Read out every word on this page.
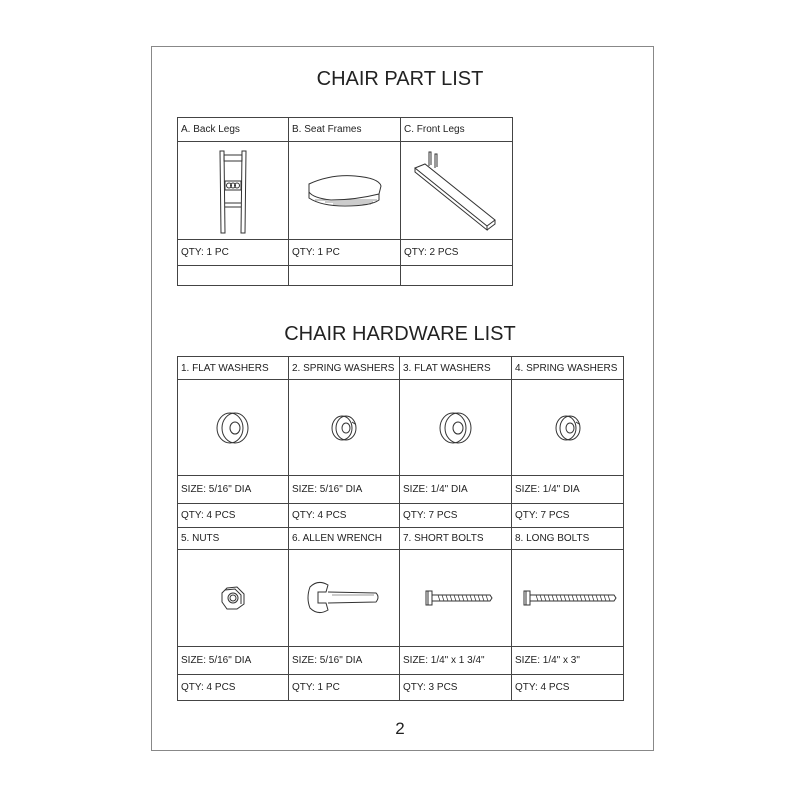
CHAIR PART LIST
A. Back Legs	B. Seat Frames	C. Front Legs

QTY: 1 PC	QTY: 1 PC	QTY: 2 PCS

CHAIR HARDWARE LIST
1. FLAT WASHERS	2. SPRING WASHERS	3. FLAT WASHERS	4. SPRING WASHERS

SIZE: 5/16" DIA	SIZE: 5/16" DIA	SIZE: 1/4" DIA	SIZE: 1/4" DIA
QTY: 4 PCS	QTY: 4 PCS	QTY: 7 PCS	QTY: 7 PCS
5. NUTS	6. ALLEN WRENCH	7. SHORT BOLTS	8. LONG BOLTS

SIZE: 5/16" DIA	SIZE: 5/16" DIA	SIZE: 1/4" x 1 3/4"	SIZE: 1/4" x 3"
QTY: 4 PCS	QTY: 1 PC	QTY: 3 PCS	QTY: 4 PCS
2
